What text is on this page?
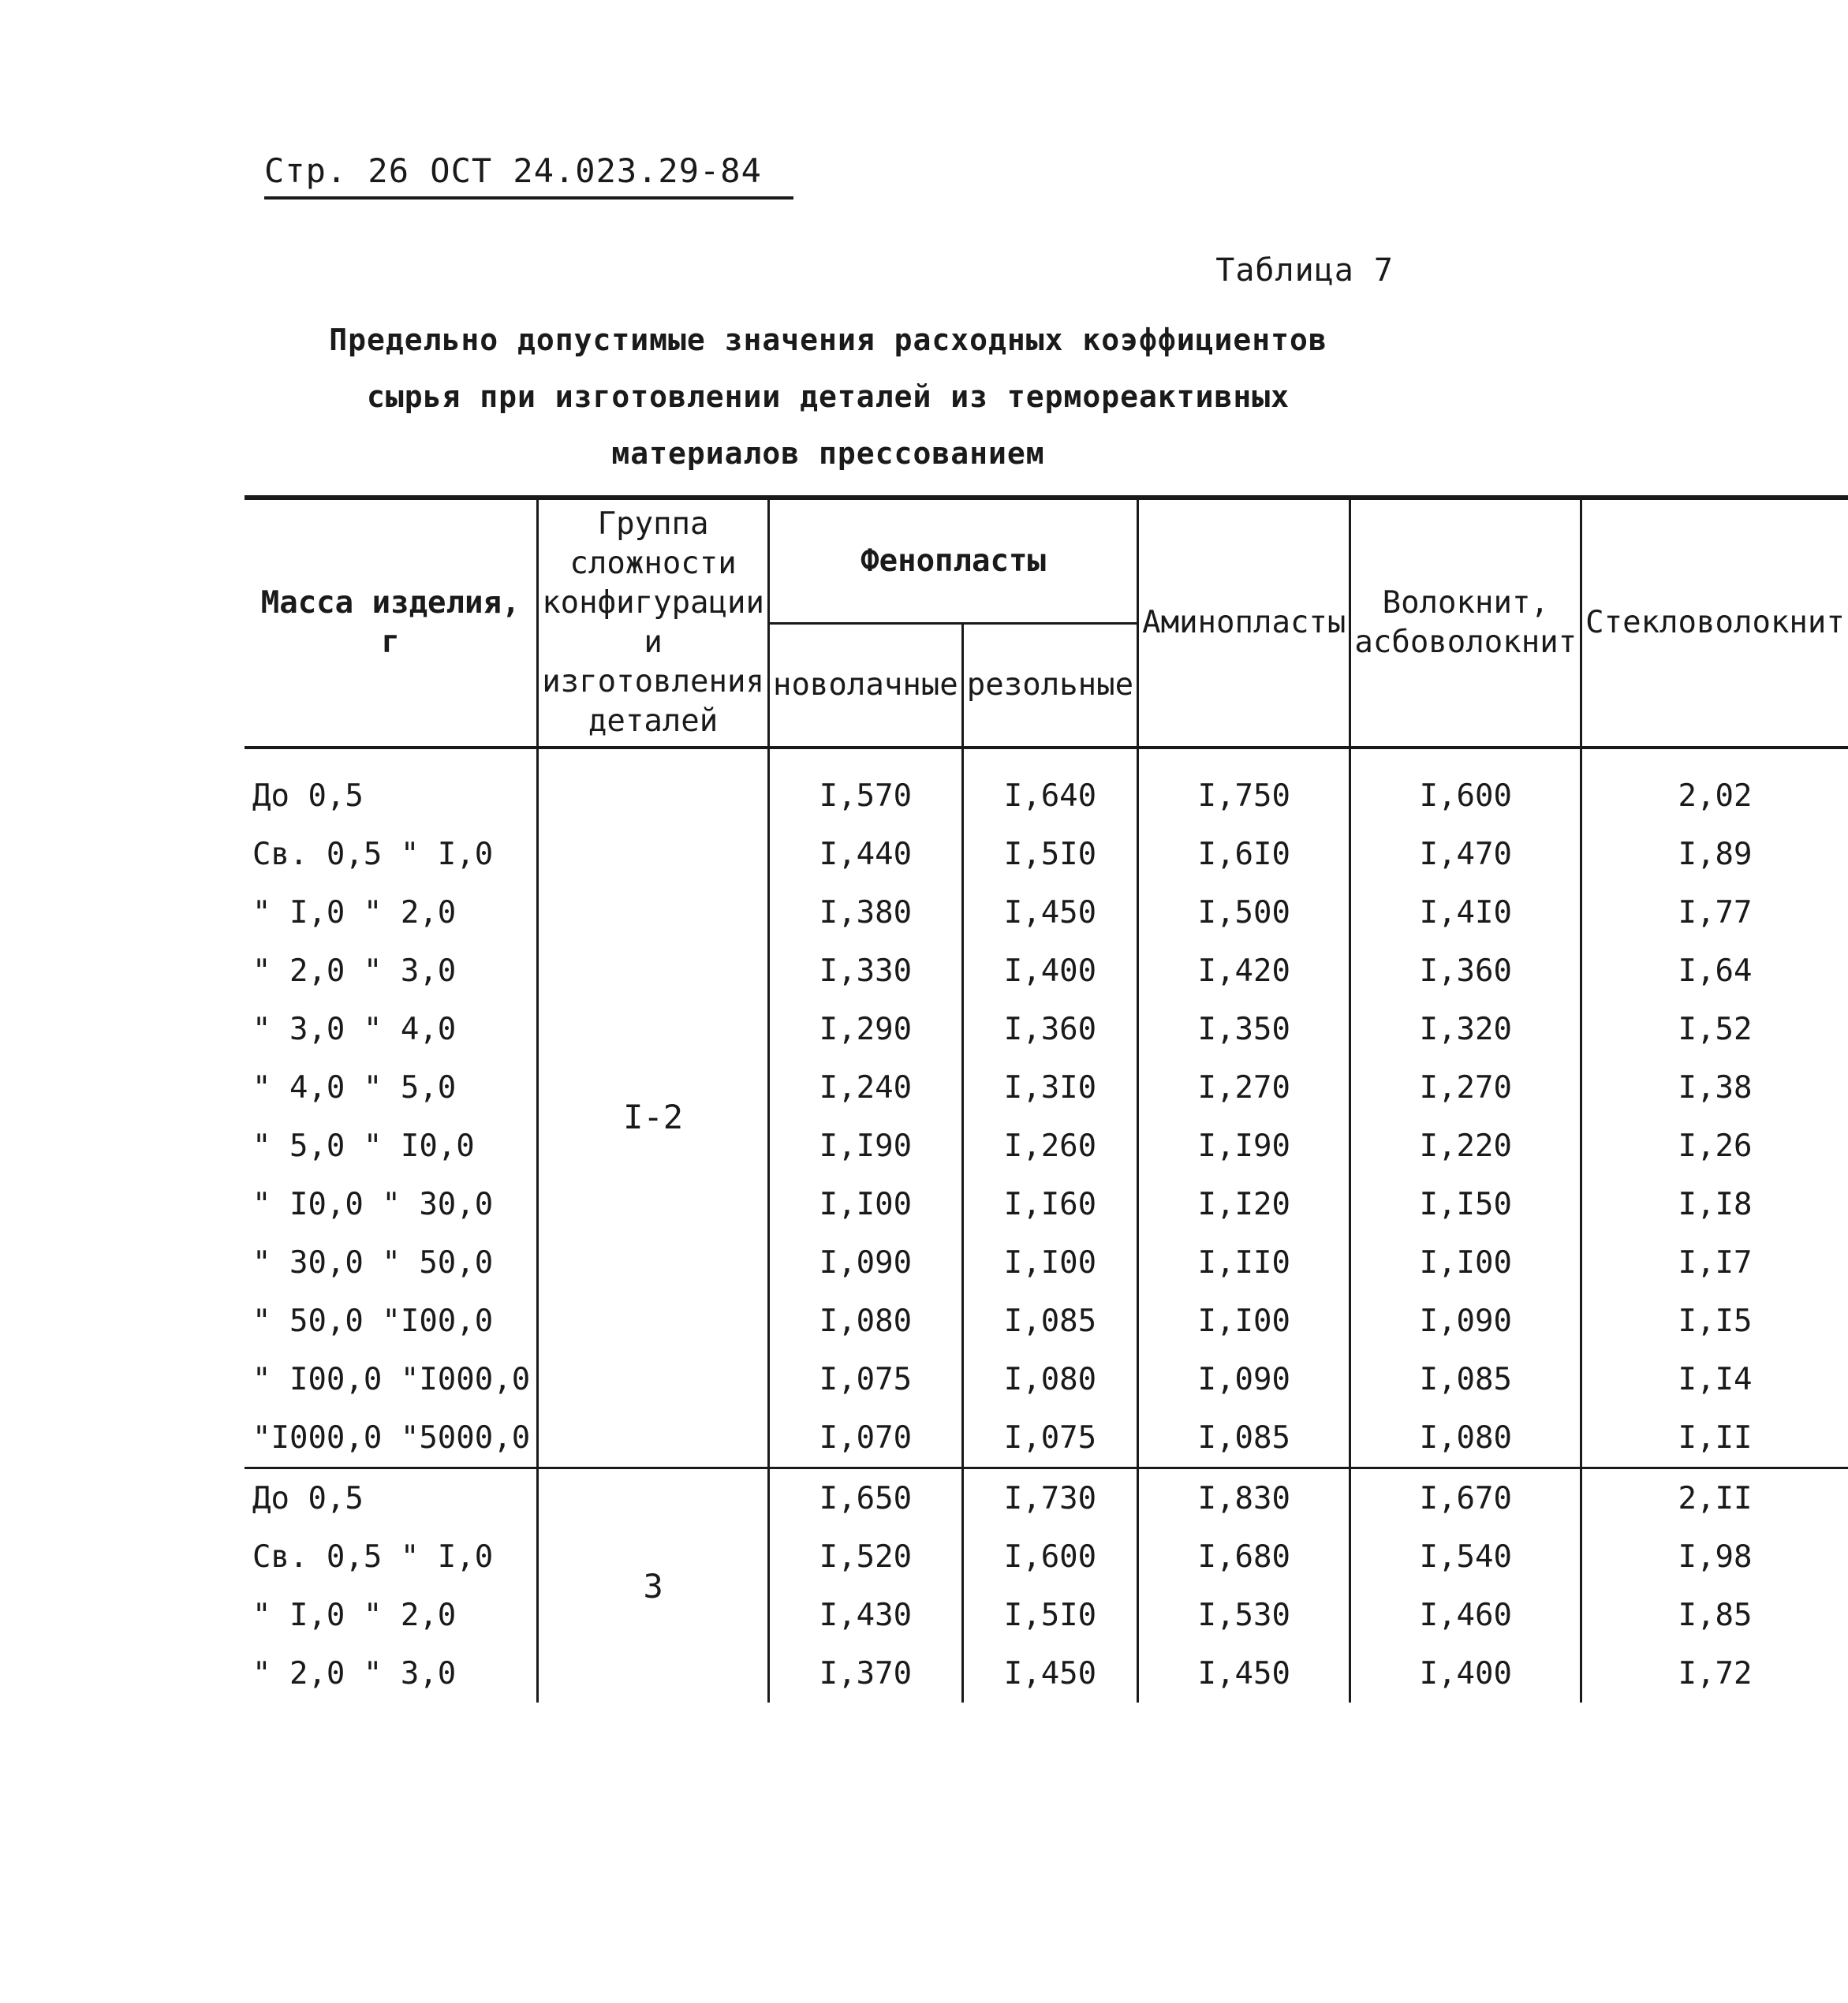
Стр. 26 ОСТ 24.023.29-84
Таблица 7
Предельно допустимые значения расходных коэффициентов
сырья при изготовлении деталей из термореактивных
материалов прессованием
Масса изделия, г	Группа сложности конфигурации и изготовления деталей	Фенопласты		Аминопласты	Волокнит, асбоволокнит	Стекловолокнит
		новолачные	резольные			
До 0,5	I-2	I,570	I,640	I,750	I,600	2,02
Св. 0,5 " I,0		I,440	I,5I0	I,6I0	I,470	I,89
" I,0 " 2,0		I,380	I,450	I,500	I,4I0	I,77
" 2,0 " 3,0		I,330	I,400	I,420	I,360	I,64
" 3,0 " 4,0		I,290	I,360	I,350	I,320	I,52
" 4,0 " 5,0		I,240	I,3I0	I,270	I,270	I,38
" 5,0 " I0,0		I,I90	I,260	I,I90	I,220	I,26
" I0,0 " 30,0		I,I00	I,I60	I,I20	I,I50	I,I8
" 30,0 " 50,0		I,090	I,I00	I,II0	I,I00	I,I7
" 50,0 "I00,0		I,080	I,085	I,I00	I,090	I,I5
" I00,0 "I000,0		I,075	I,080	I,090	I,085	I,I4
"I000,0 "5000,0		I,070	I,075	I,085	I,080	I,II
До 0,5	3	I,650	I,730	I,830	I,670	2,II
Св. 0,5 " I,0		I,520	I,600	I,680	I,540	I,98
" I,0 " 2,0		I,430	I,5I0	I,530	I,460	I,85
" 2,0 " 3,0		I,370	I,450	I,450	I,400	I,72
